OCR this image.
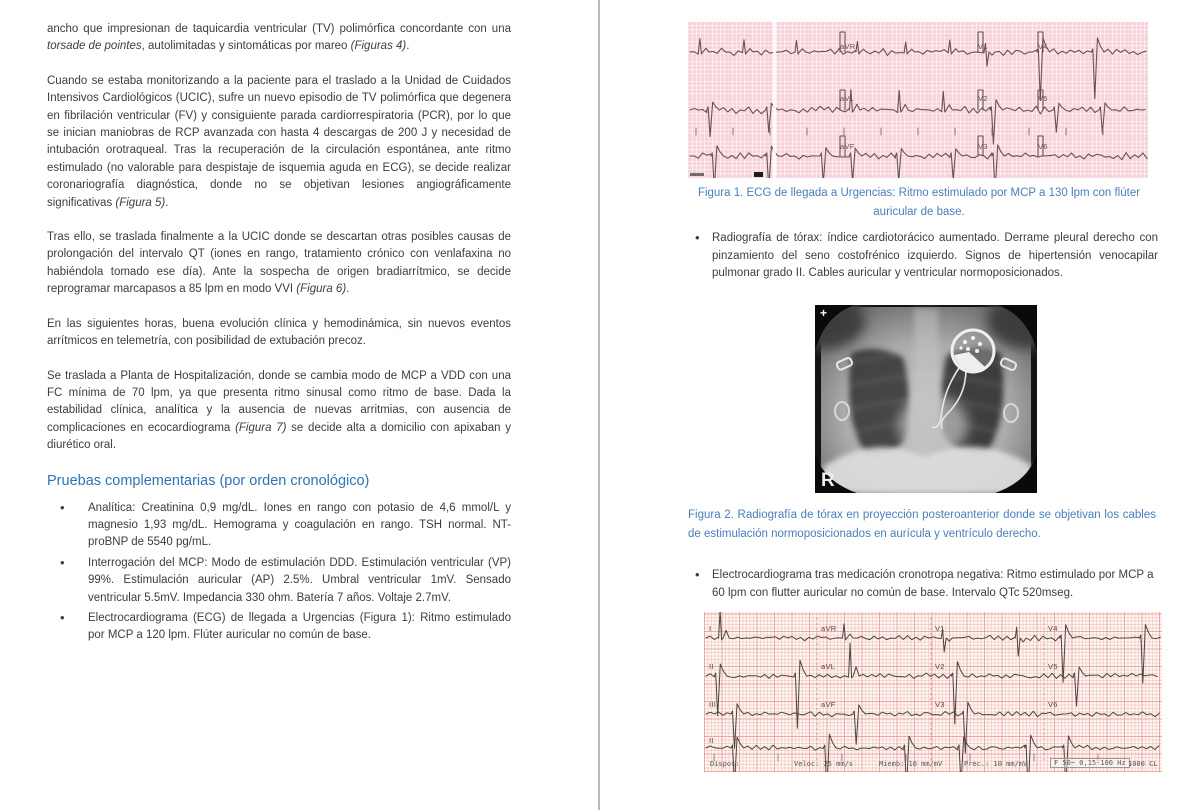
ancho que impresionan de taquicardia ventricular (TV) polimórfica concordante con una torsade de pointes, autolimitadas y sintomáticas por mareo (Figuras 4).

Cuando se estaba monitorizando a la paciente para el traslado a la Unidad de Cuidados Intensivos Cardiológicos (UCIC), sufre un nuevo episodio de TV polimórfica que degenera en fibrilación ventricular (FV) y consiguiente parada cardiorrespiratoria (PCR), por lo que se inician maniobras de RCP avanzada con hasta 4 descargas de 200 J y necesidad de intubación orotraqueal. Tras la recuperación de la circulación espontánea, ante ritmo estimulado (no valorable para despistaje de isquemia aguda en ECG), se decide realizar coronariografía diagnóstica, donde no se objetivan lesiones angiográficamente significativas (Figura 5).

Tras ello, se traslada finalmente a la UCIC donde se descartan otras posibles causas de prolongación del intervalo QT (iones en rango, tratamiento crónico con venlafaxina no habiéndola tomado ese día). Ante la sospecha de origen bradiarrítmico, se decide reprogramar marcapasos a 85 lpm en modo VVI (Figura 6).

En las siguientes horas, buena evolución clínica y hemodinámica, sin nuevos eventos arrítmicos en telemetría, con posibilidad de extubación precoz.

Se traslada a Planta de Hospitalización, donde se cambia modo de MCP a VDD con una FC mínima de 70 lpm, ya que presenta ritmo sinusal como ritmo de base. Dada la estabilidad clínica, analítica y la ausencia de nuevas arritmias, con ausencia de complicaciones en ecocardiograma (Figura 7) se decide alta a domicilio con apixaban y diurético oral.

Pruebas complementarias (por orden cronológico)
• Analítica: Creatinina 0,9 mg/dL. Iones en rango con potasio de 4,6 mmol/L y magnesio 1,93 mg/dL. Hemograma y coagulación en rango. TSH normal. NT-proBNP de 5540 pg/mL.
• Interrogación del MCP: Modo de estimulación DDD. Estimulación ventricular (VP) 99%. Estimulación auricular (AP) 2.5%. Umbral ventricular 1mV. Sensado ventricular 5.5mV. Impedancia 330 ohm. Batería 7 años. Voltaje 2.7mV.
• Electrocardiograma (ECG) de llegada a Urgencias (Figura 1): Ritmo estimulado por MCP a 120 lpm. Flúter auricular no común de base.
aVR
aVL
aVF
V1
V2
V3
V4
V5
V6
Figura 1. ECG de llegada a Urgencias: Ritmo estimulado por MCP a 130 lpm con flúter auricular de base.
• Radiografía de tórax: índice cardiotorácico aumentado. Derrame pleural derecho con pinzamiento del seno costofrénico izquierdo. Signos de hipertensión venocapilar pulmonar grado II. Cables auricular y ventricular normoposicionados.
+
R
Figura 2. Radiografía de tórax en proyección posteroanterior donde se objetivan los cables de estimulación normoposicionados en aurícula y ventrículo derecho.
• Electrocardiograma tras medicación cronotropa negativa: Ritmo estimulado por MCP a 60 lpm con flutter auricular no común de base. Intervalo QTc 520mseg.
I
II
III
II
aVR
aVL
aVF
V1
V2
V3
V4
V5
V6
Dispos:	Veloc: 25 mm/s	Miemb: 10 mm/mV	Prec.: 10 mm/mV	F 50~ 0,15-100 Hz 1000 CL
